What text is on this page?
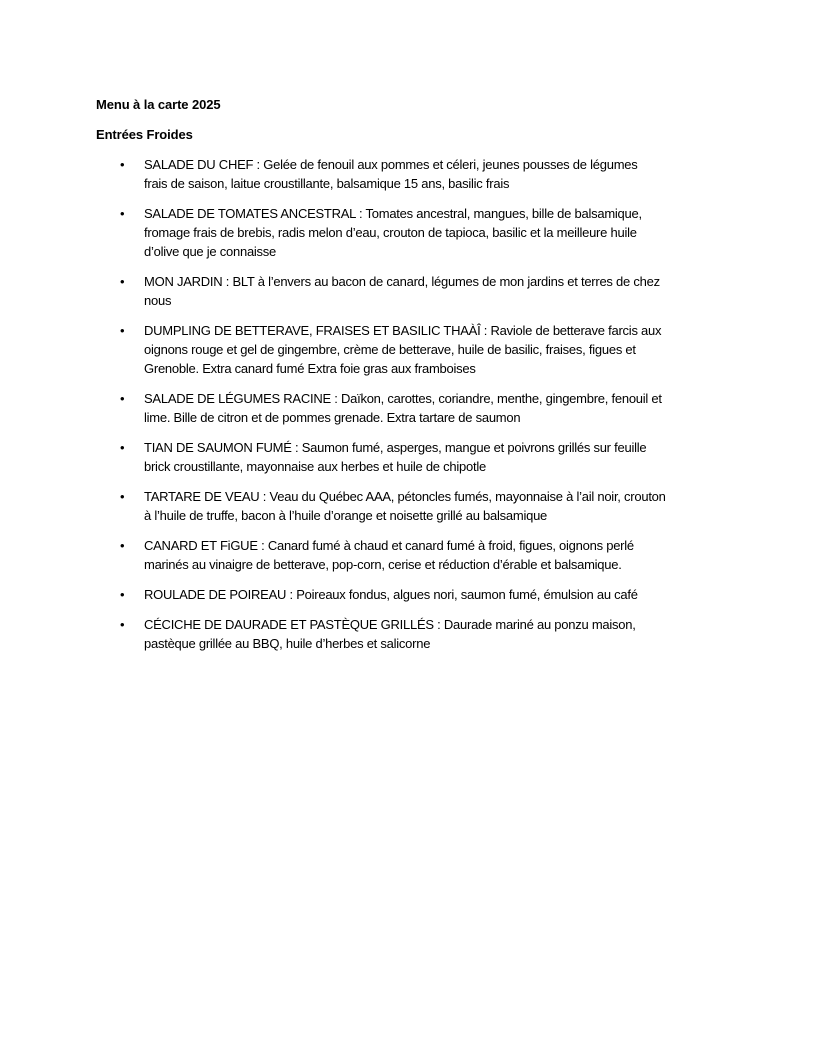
Menu à la carte 2025
Entrées Froides
• SALADE DU CHEF : Gelée de fenouil aux pommes et céleri, jeunes pousses de légumes
frais de saison, laitue croustillante, balsamique 15 ans, basilic frais
• SALADE DE TOMATES ANCESTRAL : Tomates ancestral, mangues, bille de balsamique,
fromage frais de brebis, radis melon d’eau, crouton de tapioca, basilic et la meilleure huile
d’olive que je connaisse
• MON JARDIN : BLT à l’envers au bacon de canard, légumes de mon jardins et terres de chez
nous
• DUMPLING DE BETTERAVE, FRAISES ET BASILIC THAÀÎ : Raviole de betterave farcis aux
oignons rouge et gel de gingembre, crème de betterave, huile de basilic, fraises, figues et
Grenoble. Extra canard fumé Extra foie gras aux framboises
• SALADE DE LÉGUMES RACINE : Daïkon, carottes, coriandre, menthe, gingembre, fenouil et
lime. Bille de citron et de pommes grenade. Extra tartare de saumon
• TIAN DE SAUMON FUMÉ : Saumon fumé, asperges, mangue et poivrons grillés sur feuille
brick croustillante, mayonnaise aux herbes et huile de chipotle
• TARTARE DE VEAU : Veau du Québec AAA, pétoncles fumés, mayonnaise à l’ail noir, crouton
à l’huile de truffe, bacon à l’huile d’orange et noisette grillé au balsamique
• CANARD ET FiGUE : Canard fumé à chaud et canard fumé à froid, figues, oignons perlé
marinés au vinaigre de betterave, pop-corn, cerise et réduction d’érable et balsamique.
• ROULADE DE POIREAU : Poireaux fondus, algues nori, saumon fumé, émulsion au café
• CÉCICHE DE DAURADE ET PASTÈQUE GRILLÉS : Daurade mariné au ponzu maison,
pastèque grillée au BBQ, huile d’herbes et salicorne
